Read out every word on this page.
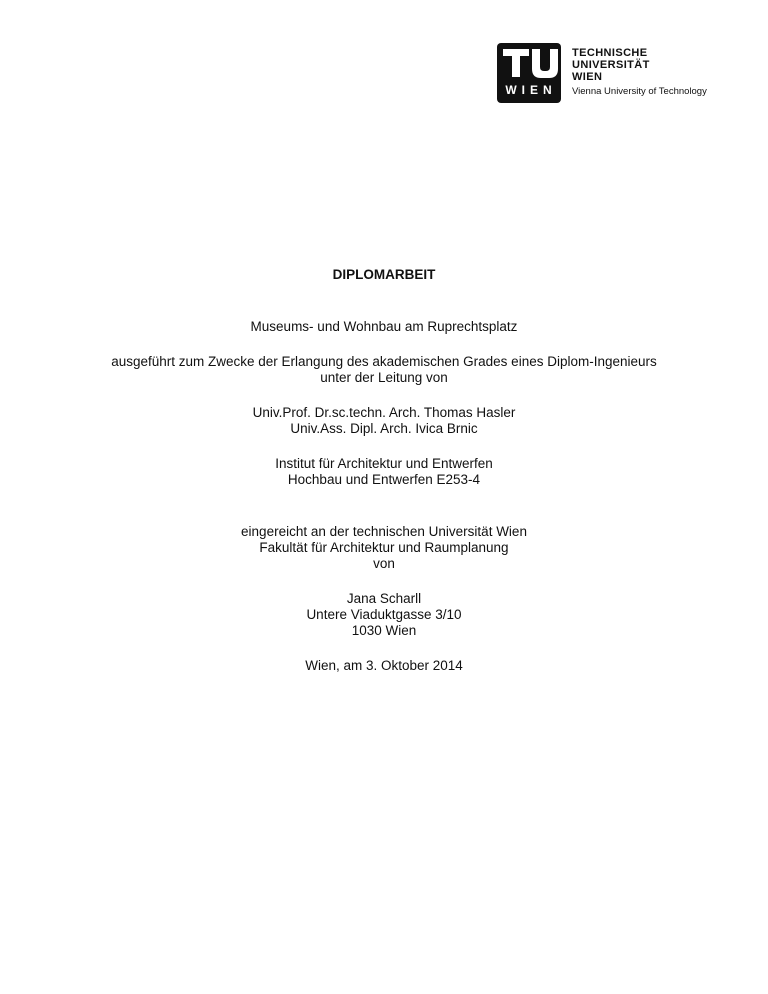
WIEN
TECHNISCHE
UNIVERSITÄT
WIEN
Vienna University of Technology
DIPLOMARBEIT
Museums- und Wohnbau am Ruprechtsplatz
ausgeführt zum Zwecke der Erlangung des akademischen Grades eines Diplom-Ingenieurs
unter der Leitung von
Univ.Prof. Dr.sc.techn. Arch. Thomas Hasler
Univ.Ass. Dipl. Arch. Ivica Brnic
Institut für Architektur und Entwerfen
Hochbau und Entwerfen E253-4
eingereicht an der technischen Universität Wien
Fakultät für Architektur und Raumplanung
von
Jana Scharll
Untere Viaduktgasse 3/10
1030 Wien
Wien, am 3. Oktober 2014
